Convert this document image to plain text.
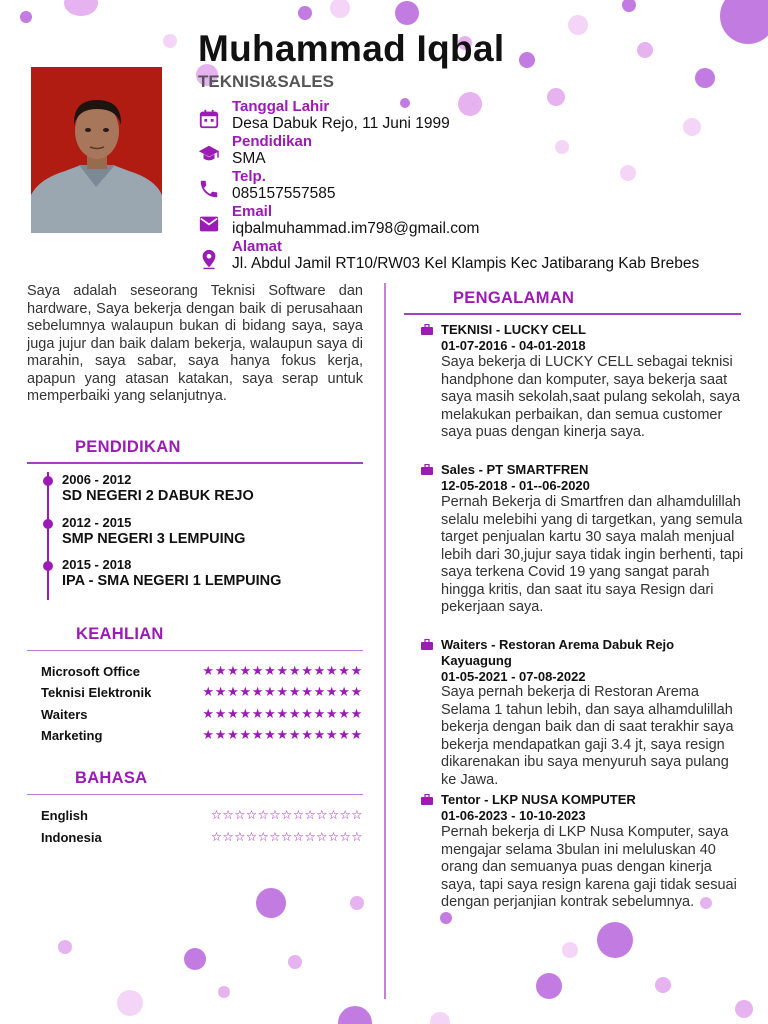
Muhammad Iqbal
TEKNISI&SALES
Tanggal Lahir
Desa Dabuk Rejo, 11 Juni 1999
Pendidikan
SMA
Telp.
085157557585
Email
iqbalmuhammad.im798@gmail.com
Alamat
Jl. Abdul Jamil RT10/RW03 Kel Klampis Kec Jatibarang Kab Brebes

Saya adalah seseorang Teknisi Software dan hardware, Saya bekerja dengan baik di perusahaan sebelumnya walaupun bukan di bidang saya, saya juga jujur dan baik dalam bekerja, walaupun saya di marahin, saya sabar, saya hanya fokus kerja, apapun yang atasan katakan, saya serap untuk memperbaiki yang selanjutnya.

PENDIDIKAN
2006 - 2012
SD NEGERI 2 DABUK REJO
2012 - 2015
SMP NEGERI 3 LEMPUING
2015 - 2018
IPA - SMA NEGERI 1 LEMPUING
KEAHLIAN
Microsoft Office	★★★★★★★★★★★★★
Teknisi Elektronik	★★★★★★★★★★★★★
Waiters	★★★★★★★★★★★★★
Marketing	★★★★★★★★★★★★★
BAHASA
English	☆☆☆☆☆☆☆☆☆☆☆☆☆
Indonesia	☆☆☆☆☆☆☆☆☆☆☆☆☆
PENGALAMAN
TEKNISI - LUCKY CELL
01-07-2016 - 04-01-2018
Saya bekerja di LUCKY CELL sebagai teknisi handphone dan komputer, saya bekerja saat saya masih sekolah,saat pulang sekolah, saya melakukan perbaikan, dan semua customer saya puas dengan kinerja saya.
Sales - PT SMARTFREN
12-05-2018 - 01--06-2020
Pernah Bekerja di Smartfren dan alhamdulillah selalu melebihi yang di targetkan, yang semula target penjualan kartu 30 saya malah menjual lebih dari 30,jujur saya tidak ingin berhenti, tapi saya terkena Covid 19 yang sangat parah hingga kritis, dan saat itu saya Resign dari pekerjaan saya.
Waiters - Restoran Arema Dabuk Rejo Kayuagung
01-05-2021 - 07-08-2022
Saya pernah bekerja di Restoran Arema Selama 1 tahun lebih, dan saya alhamdulillah bekerja dengan baik dan di saat terakhir saya bekerja mendapatkan gaji 3.4 jt, saya resign dikarenakan ibu saya menyuruh saya pulang ke Jawa.
Tentor - LKP NUSA KOMPUTER
01-06-2023 - 10-10-2023
Pernah bekerja di LKP Nusa Komputer, saya mengajar selama 3bulan ini meluluskan 40 orang dan semuanya puas dengan kinerja saya, tapi saya resign karena gaji tidak sesuai dengan perjanjian kontrak sebelumnya.
